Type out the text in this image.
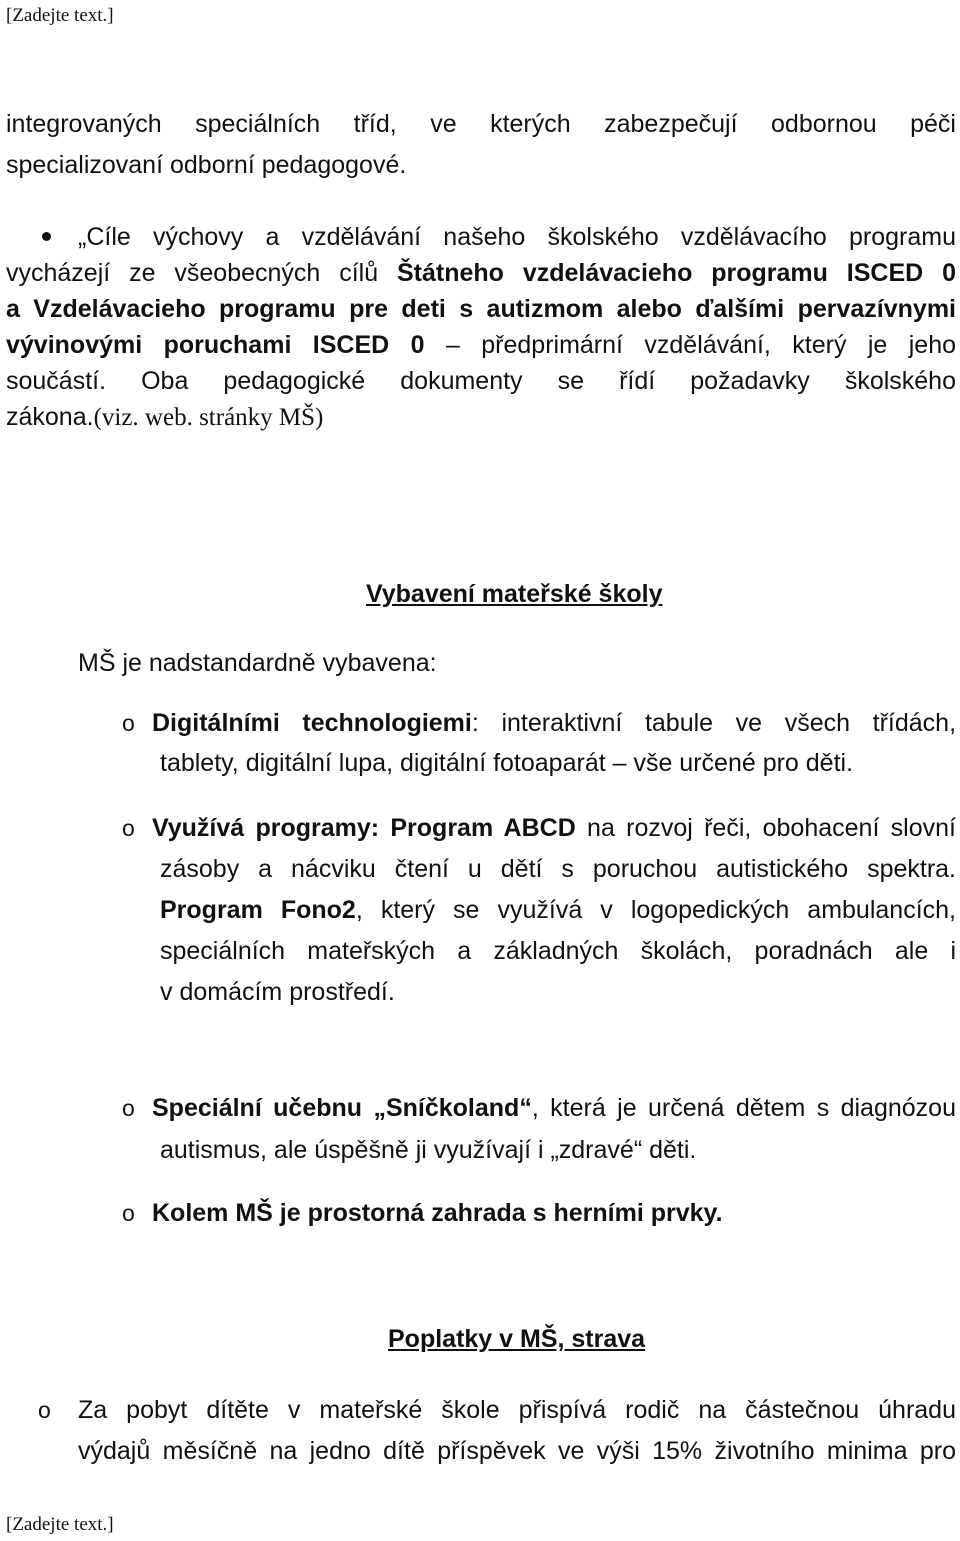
[Zadejte text.]
integrovaných speciálních tříd, ve kterých zabezpečují odbornou péči
specializovaní odborní pedagogové.
„Cíle výchovy a vzdělávání našeho školského vzdělávacího programu
vycházejí ze všeobecných cílů Štátneho vzdelávacieho programu ISCED 0
a Vzdelávacieho programu pre deti s autizmom alebo ďalšími pervazívnymi
vývinovými poruchami ISCED 0 – předprimární vzdělávání, který je jeho
součástí. Oba pedagogické dokumenty se řídí požadavky školského
zákona.(viz. web. stránky MŠ)
Vybavení mateřské školy
MŠ je nadstandardně vybavena:
o Digitálními technologiemi: interaktivní tabule ve všech třídách,
tablety, digitální lupa, digitální fotoaparát – vše určené pro děti.
o Využívá programy: Program ABCD na rozvoj řeči, obohacení slovní
zásoby a nácviku čtení u dětí s poruchou autistického spektra.
Program Fono2, který se využívá v logopedických ambulancích,
speciálních mateřských a základných školách, poradnách ale i
v domácím prostředí.
o Speciální učebnu „Sníčkoland“, která je určená dětem s diagnózou
autismus, ale úspěšně ji využívají i „zdravé“ děti.
o Kolem MŠ je prostorná zahrada s herními prvky.
Poplatky v MŠ, strava
o Za pobyt dítěte v mateřské škole přispívá rodič na částečnou úhradu
výdajů měsíčně na jedno dítě příspěvek ve výši 15% životního minima pro
[Zadejte text.]
